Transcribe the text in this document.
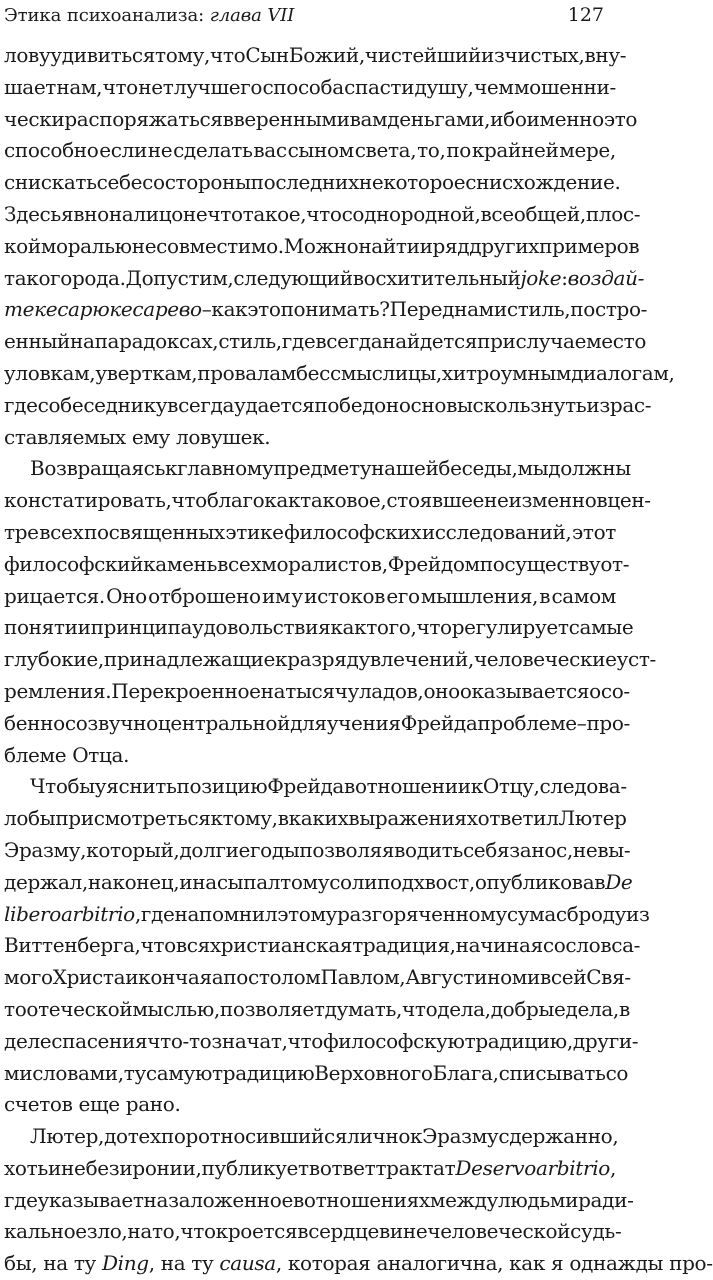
Этика психоанализа: глава VII	127
лову удивиться тому, что Сын Божий, чистейший из чистых, вну-
шает нам, что нет лучшего способа спасти душу, чем мошенни-
чески распоряжаться вверенными вам деньгами, ибо именно это
способно если не сделать вас сыном света, то, по крайней мере,
снискать себе со стороны последних некоторое снисхождение.
Здесь явно налицо нечто такое, что с однородной, всеобщей, плос-
кой моралью несовместимо. Можно найти и ряд других примеров
такого рода. Допустим, следующий восхитительный joke: воздай-
те кесарю кесарево – как это понимать? Перед нами стиль, постро-
енный на парадоксах, стиль, где всегда найдется при случае место
уловкам, уверткам, провалам бессмыслицы, хитроумным диалогам,
где собеседнику всегда удается победоносно выскользнуть из рас-
ставляемых ему ловушек.
Возвращаясь к главному предмету нашей беседы, мы должны
констатировать, что благо как таковое, стоявшее неизменно в цен-
тре всех посвященных этике философских исследований, этот
философский камень всех моралистов, Фрейдом по существу от-
рицается. Оно отброшено им у истоков его мышления, в самом
понятии принципа удовольствия как того, что регулирует самые
глубокие, принадлежащие к разряду влечений, человеческие уст-
ремления. Перекроенное на тысячу ладов, оно оказывается осо-
бенно созвучно центральной для учения Фрейда проблеме – про-
блеме Отца.
Чтобы уяснить позицию Фрейда в отношении к Отцу, следова-
ло бы присмотреться к тому, в каких выражениях ответил Лютер
Эразму, который, долгие годы позволяя водить себя за нос, не вы-
держал, наконец, и насыпал тому соли под хвост, опубликовав De
libero arbitrio, где напомнил этому разгоряченному сумасброду из
Виттенберга, что вся христианская традиция, начиная со слов са-
мого Христа и кончая апостолом Павлом, Августином и всей Свя-
тоотеческой мыслью, позволяет думать, что дела, добрые дела, в
деле спасения что-то значат, что философскую традицию, други-
ми словами, ту самую традицию Верховного Блага, списывать со
счетов еще рано.
Лютер, до тех пор относившийся лично к Эразму сдержанно,
хоть и не без иронии, публикует в ответ трактат De servo arbitrio,
где указывает на заложенное в отношениях между людьми ради-
кальное зло, на то, что кроется в сердцевине человеческой судь-
бы, на ту Ding , на ту causa , которая аналогична, как я однажды про-
